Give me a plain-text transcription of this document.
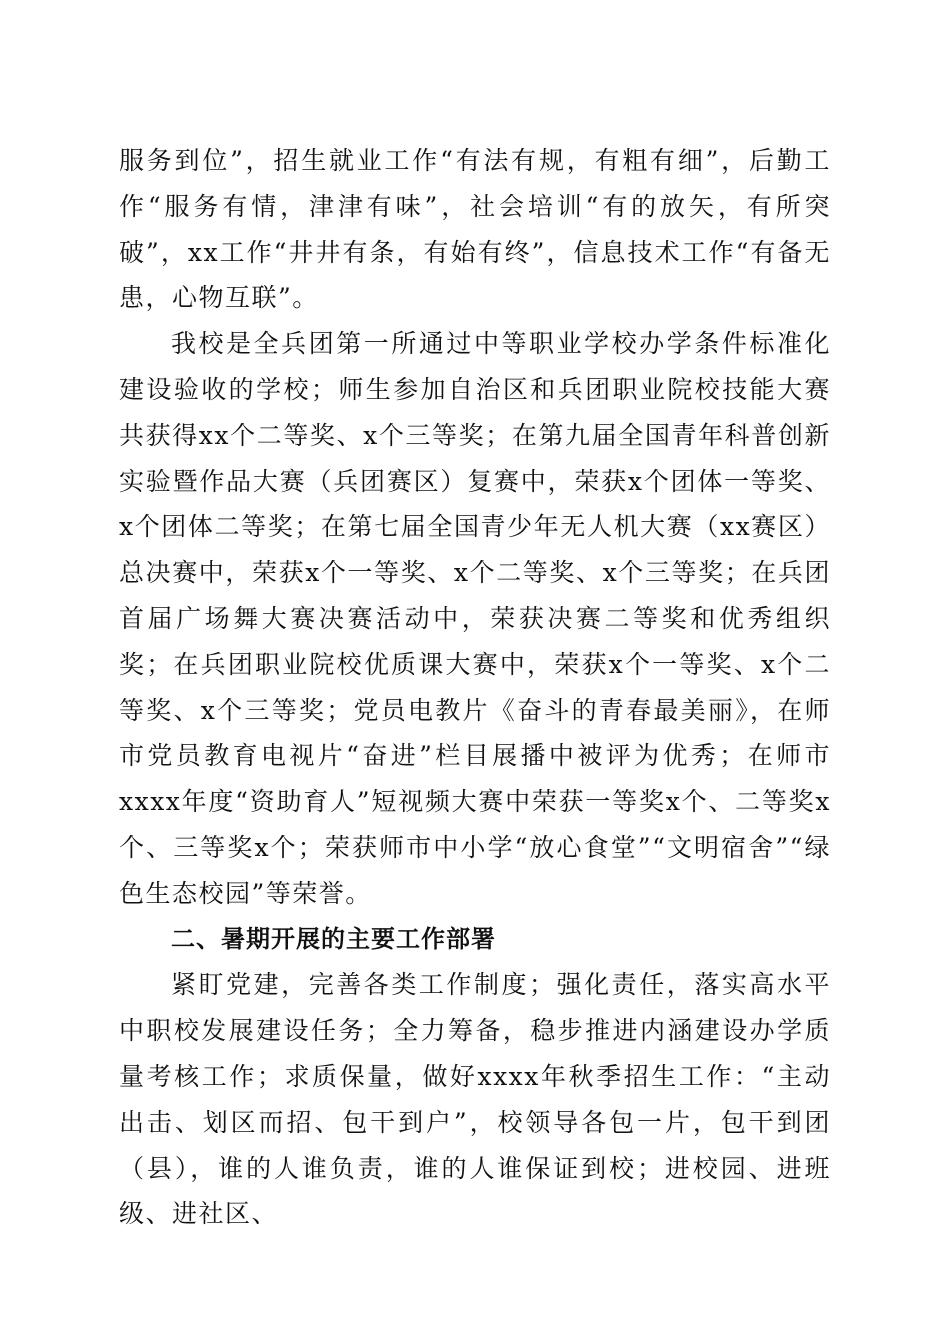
服务到位”，招生就业工作“有法有规，有粗有细”，后勤工作“服务有情，津津有味”，社会培训“有的放矢，有所突破”，xx工作“井井有条，有始有终”，信息技术工作“有备无患，心物互联”。

我校是全兵团第一所通过中等职业学校办学条件标准化建设验收的学校；师生参加自治区和兵团职业院校技能大赛共获得xx个二等奖、x个三等奖；在第九届全国青年科普创新实验暨作品大赛（兵团赛区）复赛中，荣获x个团体一等奖、x个团体二等奖；在第七届全国青少年无人机大赛（xx赛区）总决赛中，荣获x个一等奖、x个二等奖、x个三等奖；在兵团首届广场舞大赛决赛活动中，荣获决赛二等奖和优秀组织奖；在兵团职业院校优质课大赛中，荣获x个一等奖、x个二等奖、x个三等奖；党员电教片《奋斗的青春最美丽》，在师市党员教育电视片“奋进”栏目展播中被评为优秀；在师市xxxx年度“资助育人”短视频大赛中荣获一等奖x个、二等奖x个、三等奖x个；荣获师市中小学“放心食堂”“文明宿舍”“绿色生态校园”等荣誉。

二、暑期开展的主要工作部署

紧盯党建，完善各类工作制度；强化责任，落实高水平中职校发展建设任务；全力筹备，稳步推进内涵建设办学质量考核工作；求质保量，做好xxxx年秋季招生工作：“主动出击、划区而招、包干到户”，校领导各包一片，包干到团（县），谁的人谁负责，谁的人谁保证到校；进校园、进班级、进社区、
